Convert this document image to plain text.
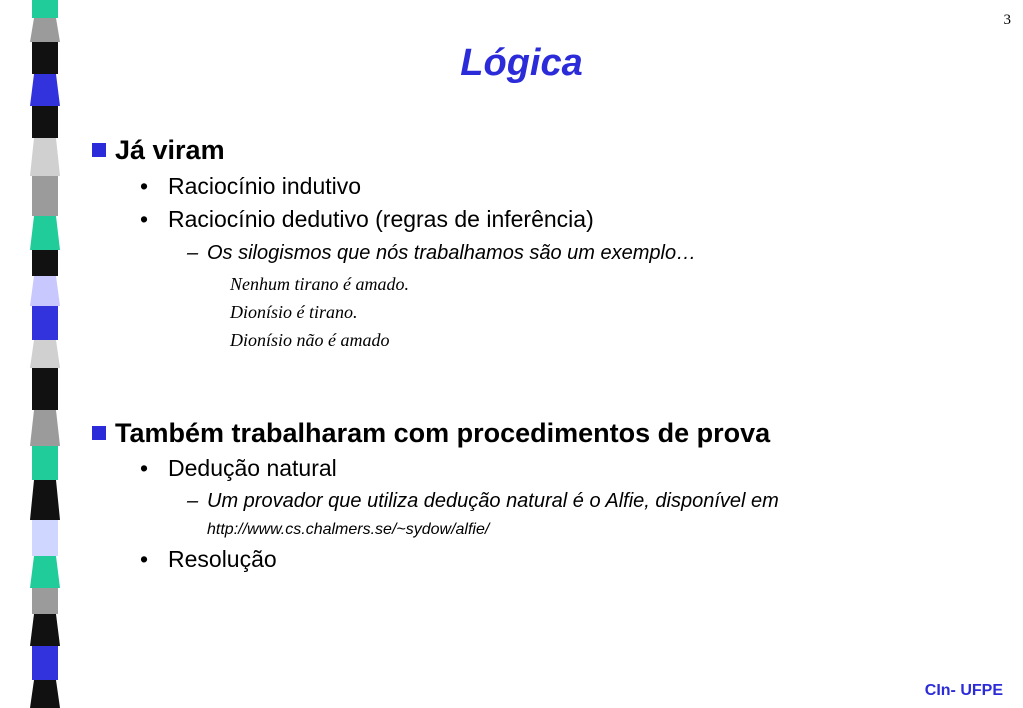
3
Lógica
Já viram
• Raciocínio indutivo
• Raciocínio dedutivo (regras de inferência)
– Os silogismos que nós trabalhamos são um exemplo…
Nenhum tirano é amado.
Dionísio é tirano.
Dionísio não é amado
Também trabalharam com procedimentos de prova
• Dedução natural
– Um provador que utiliza dedução natural é o Alfie, disponível em
http://www.cs.chalmers.se/~sydow/alfie/
• Resolução
CIn- UFPE
